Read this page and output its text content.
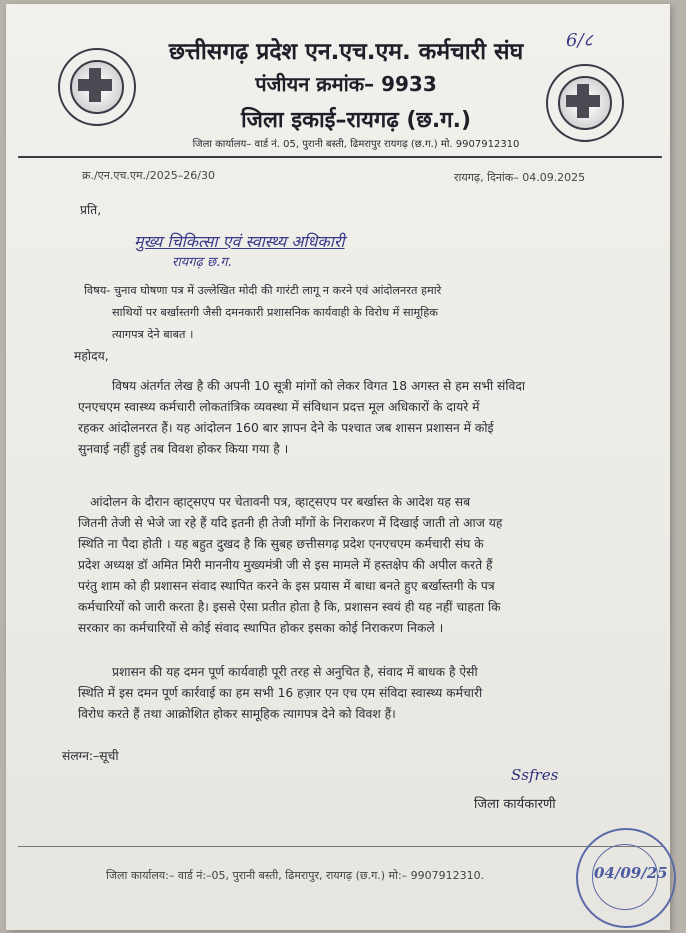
6/८
छत्तीसगढ़ प्रदेश एन.एच.एम. कर्मचारी संघ
पंजीयन क्रमांक– 9933
जिला इकाई–रायगढ़ (छ.ग.)
जिला कार्यालय– वार्ड नं. 05, पुरानी बस्ती, ढिमरापुर रायगढ़ (छ.ग.) मो. 9907912310
क्र./एन.एच.एम./2025–26/30	रायगढ़, दिनांक– 04.09.2025
प्रति,
मुख्य चिकित्सा एवं स्वास्थ्य अधिकारी
रायगढ़ छ.ग.
विषय- चुनाव घोषणा पत्र में उल्लेखित मोदी की गारंटी लागू न करने एवं आंदोलनरत हमारे
साथियों पर बर्खास्तगी जैसी दमनकारी प्रशासनिक कार्यवाही के विरोध में सामूहिक
त्यागपत्र देने बाबत ।
महोदय,
विषय अंतर्गत लेख है की अपनी 10 सूत्री मांगों को लेकर विगत 18 अगस्त से हम सभी संविदा
एनएचएम स्वास्थ्य कर्मचारी लोकतांत्रिक व्यवस्था में संविधान प्रदत्त मूल अधिकारों के दायरे में
रहकर आंदोलनरत हैं। यह आंदोलन 160 बार ज्ञापन देने के पश्चात जब शासन प्रशासन में कोई
सुनवाई नहीं हुई तब विवश होकर किया गया है ।
आंदोलन के दौरान व्हाट्सएप पर चेतावनी पत्र, व्हाट्सएप पर बर्खास्त के आदेश यह सब
जितनी तेजी से भेजे जा रहे हैं यदि इतनी ही तेजी माँगों के निराकरण में दिखाई जाती तो आज यह
स्थिति ना पैदा होती । यह बहुत दुखद है कि सुबह छत्तीसगढ़ प्रदेश एनएचएम कर्मचारी संघ के
प्रदेश अध्यक्ष डॉ अमित मिरी माननीय मुख्यमंत्री जी से इस मामले में हस्तक्षेप की अपील करते हैं
परंतु शाम को ही प्रशासन संवाद स्थापित करने के इस प्रयास में बाधा बनते हुए बर्खास्तगी के पत्र
कर्मचारियों को जारी करता है। इससे ऐसा प्रतीत होता है कि, प्रशासन स्वयं ही यह नहीं चाहता कि
सरकार का कर्मचारियों से कोई संवाद स्थापित होकर इसका कोई निराकरण निकले ।
प्रशासन की यह दमन पूर्ण कार्यवाही पूरी तरह से अनुचित है, संवाद में बाधक है ऐसी
स्थिति में इस दमन पूर्ण कार्रवाई का हम सभी 16 हज़ार एन एच एम संविदा स्वास्थ्य कर्मचारी
विरोध करते हैं तथा आक्रोशित होकर सामूहिक त्यागपत्र देने को विवश हैं।
संलग्न:–सूची
Ssfres
जिला कार्यकारणी
जिला कार्यालय:– वार्ड नं:–05, पुरानी बस्ती, ढिमरापुर, रायगढ़ (छ.ग.) मो:– 9907912310.	04/09/25
